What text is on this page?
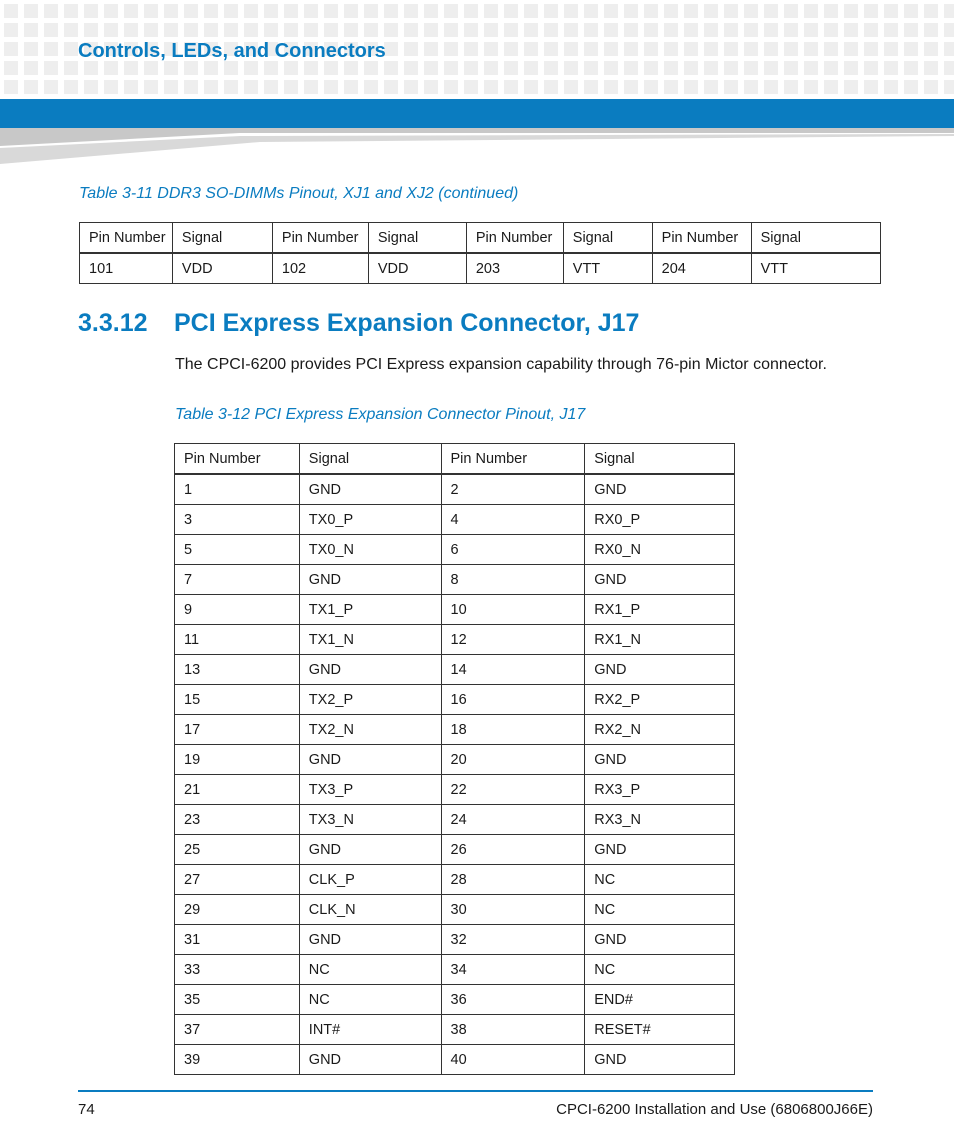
Controls, LEDs, and Connectors
Table 3-11 DDR3 SO-DIMMs Pinout, XJ1 and XJ2 (continued)
Pin Number	Signal	Pin Number	Signal	Pin Number	Signal	Pin Number	Signal
101	VDD	102	VDD	203	VTT	204	VTT
3.3.12 PCI Express Expansion Connector, J17
The CPCI-6200 provides PCI Express expansion capability through 76-pin Mictor connector.
Table 3-12 PCI Express Expansion Connector Pinout, J17
Pin Number	Signal	Pin Number	Signal
1	GND	2	GND
3	TX0_P	4	RX0_P
5	TX0_N	6	RX0_N
7	GND	8	GND
9	TX1_P	10	RX1_P
11	TX1_N	12	RX1_N
13	GND	14	GND
15	TX2_P	16	RX2_P
17	TX2_N	18	RX2_N
19	GND	20	GND
21	TX3_P	22	RX3_P
23	TX3_N	24	RX3_N
25	GND	26	GND
27	CLK_P	28	NC
29	CLK_N	30	NC
31	GND	32	GND
33	NC	34	NC
35	NC	36	END#
37	INT#	38	RESET#
39	GND	40	GND
74	CPCI-6200 Installation and Use (6806800J66E)
